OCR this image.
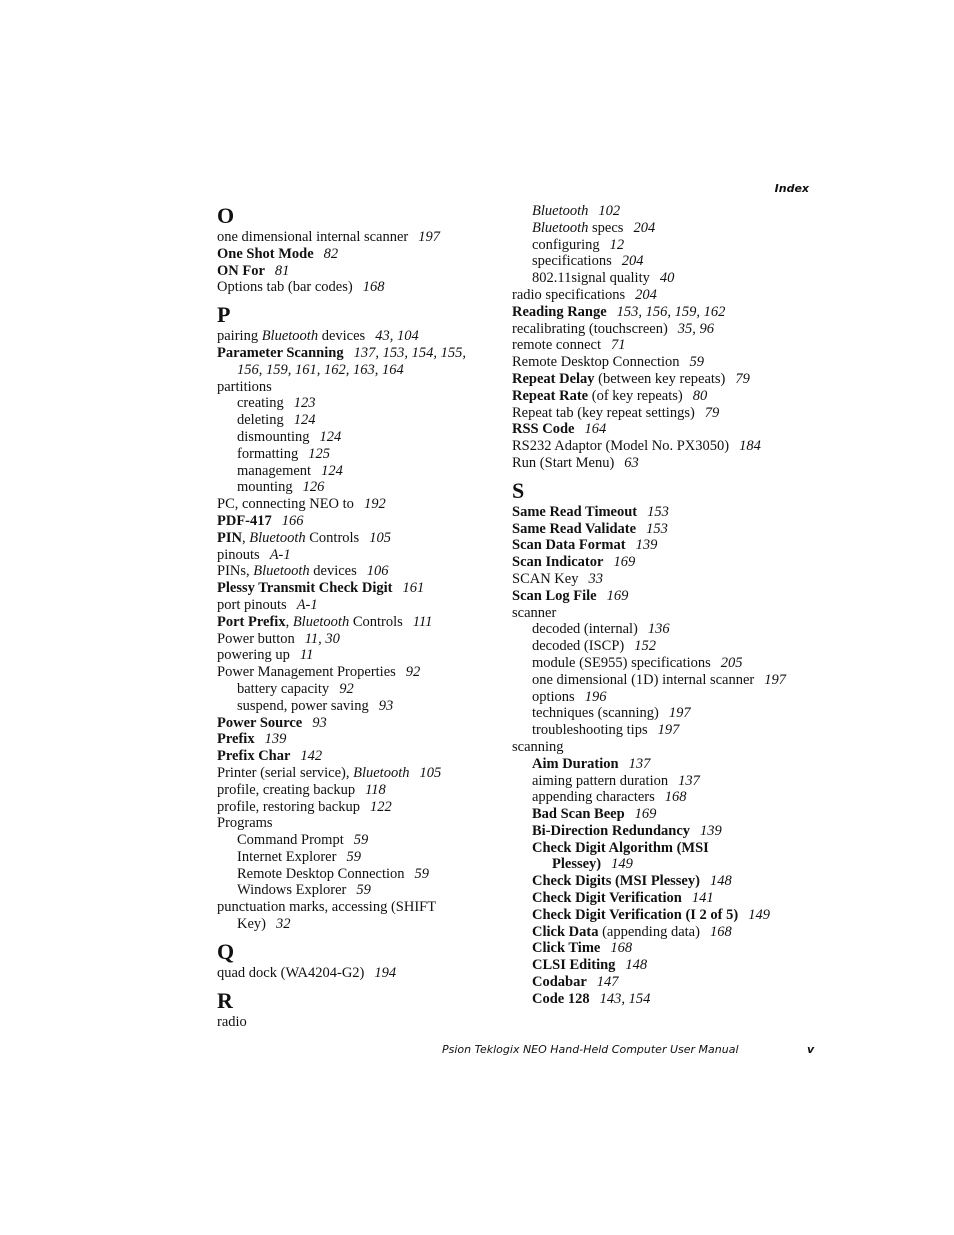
Index
O
one dimensional internal scanner 197
One Shot Mode 82
ON For 81
Options tab (bar codes) 168
P
pairing Bluetooth devices 43, 104
Parameter Scanning 137, 153, 154, 155, 156, 159, 161, 162, 163, 164
partitions
creating 123
deleting 124
dismounting 124
formatting 125
management 124
mounting 126
PC, connecting NEO to 192
PDF-417 166
PIN, Bluetooth Controls 105
pinouts A-1
PINs, Bluetooth devices 106
Plessy Transmit Check Digit 161
port pinouts A-1
Port Prefix, Bluetooth Controls 111
Power button 11, 30
powering up 11
Power Management Properties 92
battery capacity 92
suspend, power saving 93
Power Source 93
Prefix 139
Prefix Char 142
Printer (serial service), Bluetooth 105
profile, creating backup 118
profile, restoring backup 122
Programs
Command Prompt 59
Internet Explorer 59
Remote Desktop Connection 59
Windows Explorer 59
punctuation marks, accessing (SHIFT Key) 32
Q
quad dock (WA4204-G2) 194
R
radio
Bluetooth 102
Bluetooth specs 204
configuring 12
specifications 204
802.11signal quality 40
radio specifications 204
Reading Range 153, 156, 159, 162
recalibrating (touchscreen) 35, 96
remote connect 71
Remote Desktop Connection 59
Repeat Delay (between key repeats) 79
Repeat Rate (of key repeats) 80
Repeat tab (key repeat settings) 79
RSS Code 164
RS232 Adaptor (Model No. PX3050) 184
Run (Start Menu) 63
S
Same Read Timeout 153
Same Read Validate 153
Scan Data Format 139
Scan Indicator 169
SCAN Key 33
Scan Log File 169
scanner
decoded (internal) 136
decoded (ISCP) 152
module (SE955) specifications 205
one dimensional (1D) internal scanner 197
options 196
techniques (scanning) 197
troubleshooting tips 197
scanning
Aim Duration 137
aiming pattern duration 137
appending characters 168
Bad Scan Beep 169
Bi-Direction Redundancy 139
Check Digit Algorithm (MSI Plessey) 149
Check Digits (MSI Plessey) 148
Check Digit Verification 141
Check Digit Verification (I 2 of 5) 149
Click Data (appending data) 168
Click Time 168
CLSI Editing 148
Codabar 147
Code 128 143, 154
Psion Teklogix NEO Hand-Held Computer User Manual	v
